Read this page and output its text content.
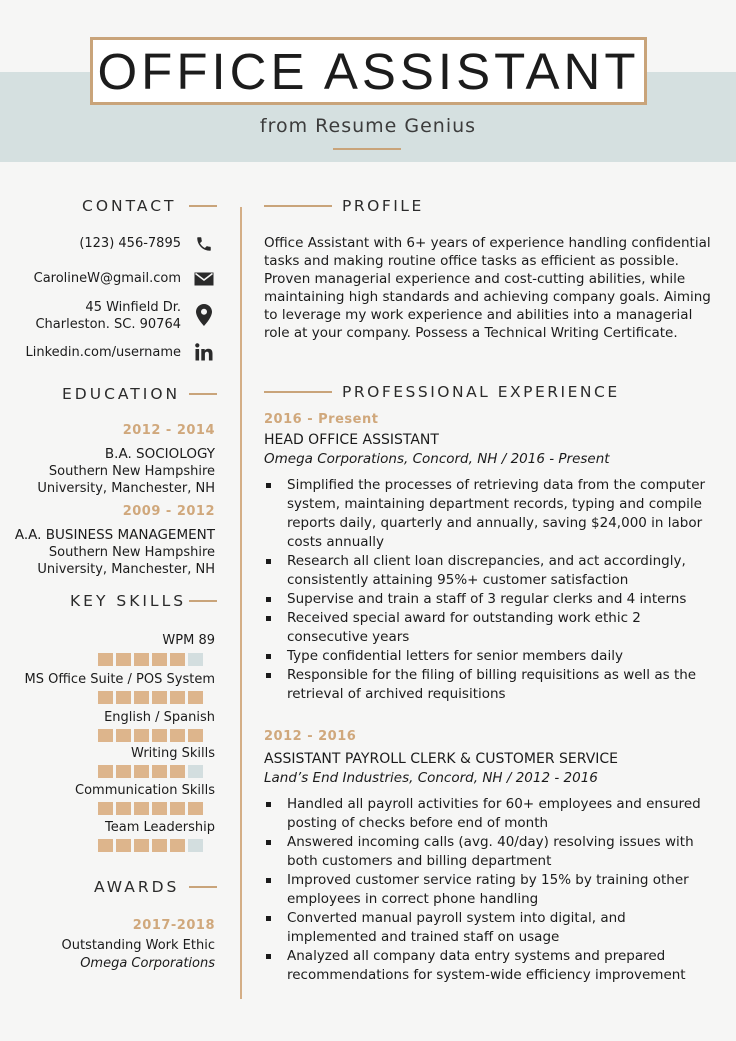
OFFICE ASSISTANT
from Resume Genius
CONTACT
(123) 456-7895
CarolineW@gmail.com
45 Winfield Dr.
Charleston. SC. 90764
Linkedin.com/username
EDUCATION
2012 - 2014
B.A. SOCIOLOGY
Southern New Hampshire
University, Manchester, NH
2009 - 2012
A.A. BUSINESS MANAGEMENT
Southern New Hampshire
University, Manchester, NH
KEY SKILLS
WPM 89
MS Office Suite / POS System
English / Spanish
Writing Skills
Communication Skills
Team Leadership
AWARDS
2017-2018
Outstanding Work Ethic
Omega Corporations
PROFILE
Office Assistant with 6+ years of experience handling confidential tasks and making routine office tasks as efficient as possible. Proven managerial experience and cost-cutting abilities, while maintaining high standards and achieving company goals. Aiming to leverage my work experience and abilities into a managerial role at your company. Possess a Technical Writing Certificate.
PROFESSIONAL EXPERIENCE
2016 - Present
HEAD OFFICE ASSISTANT
Omega Corporations, Concord, NH / 2016 - Present
Simplified the processes of retrieving data from the computer system, maintaining department records, typing and compile reports daily, quarterly and annually, saving $24,000 in labor costs annually
Research all client loan discrepancies, and act accordingly, consistently attaining 95%+ customer satisfaction
Supervise and train a staff of 3 regular clerks and 4 interns
Received special award for outstanding work ethic 2 consecutive years
Type confidential letters for senior members daily
Responsible for the filing of billing requisitions as well as the retrieval of archived requisitions
2012 - 2016
ASSISTANT PAYROLL CLERK & CUSTOMER SERVICE
Land’s End Industries, Concord, NH / 2012 - 2016
Handled all payroll activities for 60+ employees and ensured posting of checks before end of month
Answered incoming calls (avg. 40/day) resolving issues with both customers and billing department
Improved customer service rating by 15% by training other employees in correct phone handling
Converted manual payroll system into digital, and implemented and trained staff on usage
Analyzed all company data entry systems and prepared recommendations for system-wide efficiency improvement
